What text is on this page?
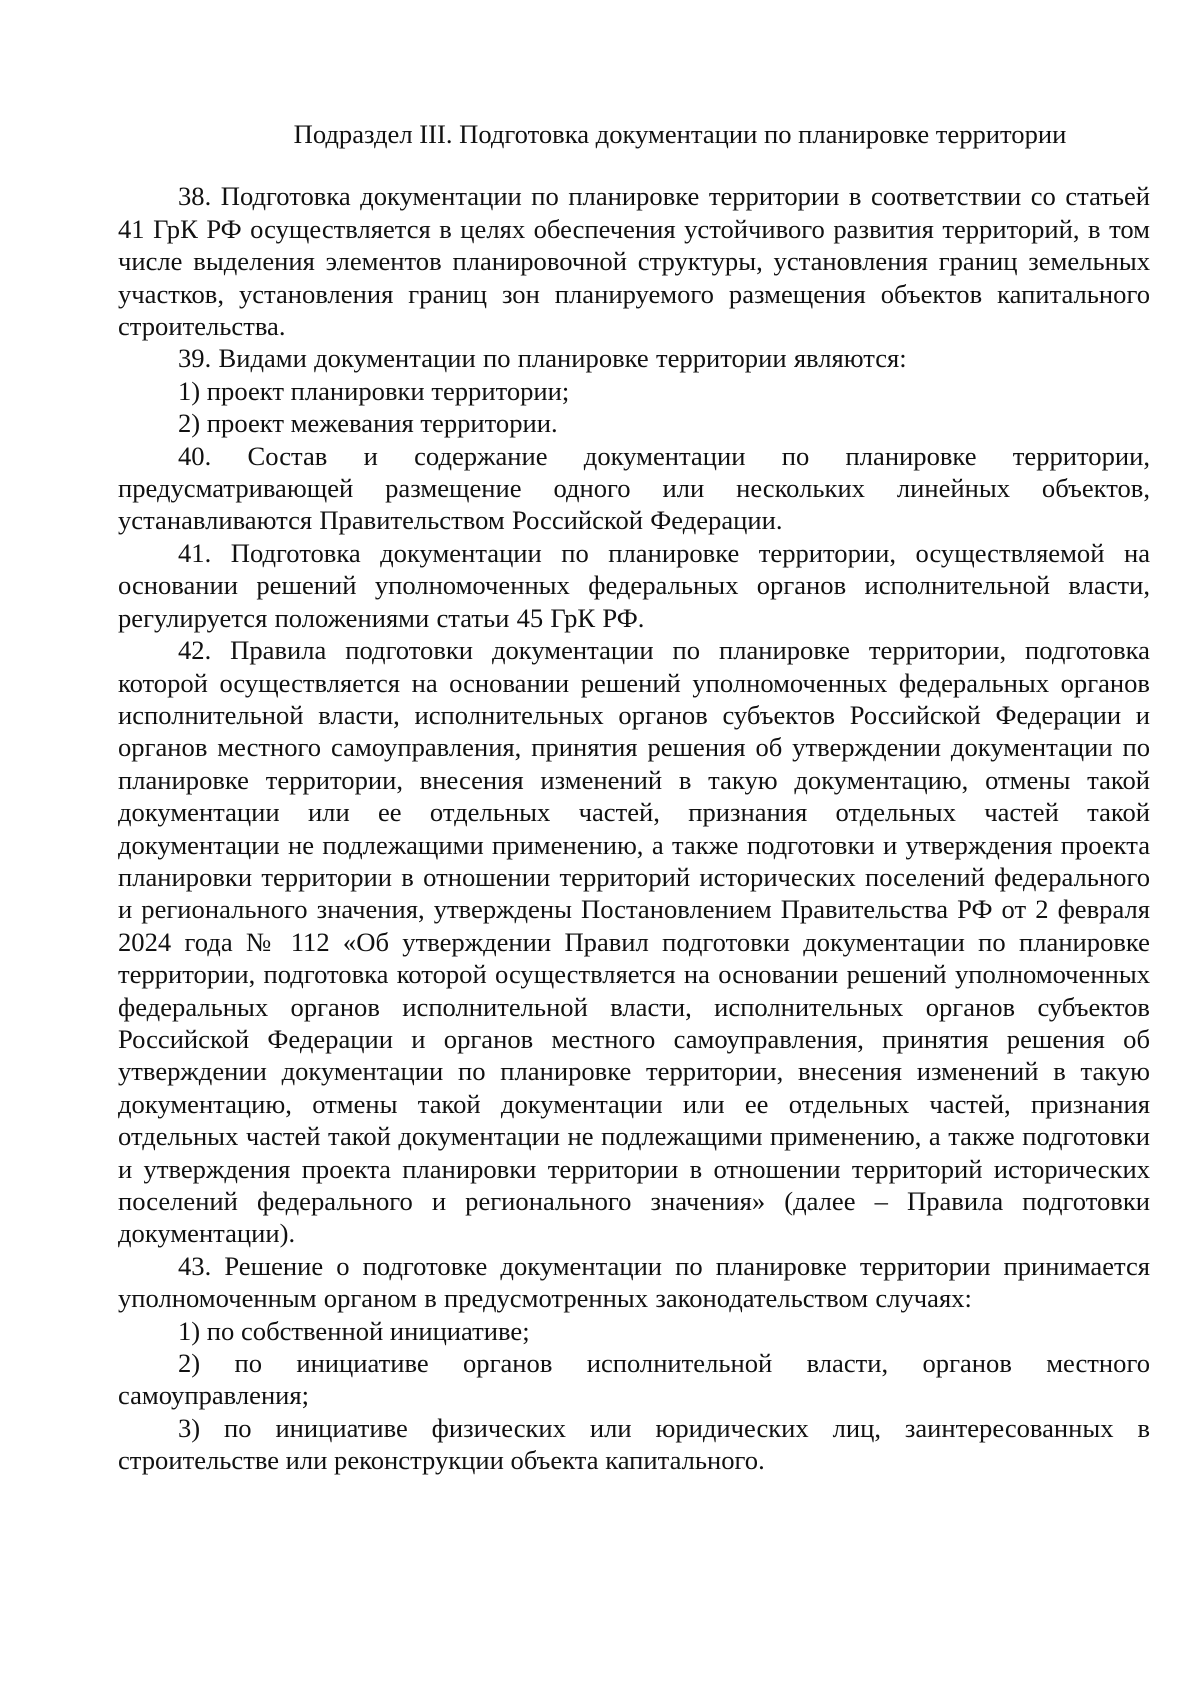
Подраздел III. Подготовка документации по планировке территории

38. Подготовка документации по планировке территории в соответствии со статьей 41 ГрК РФ осуществляется в целях обеспечения устойчивого развития территорий, в том числе выделения элементов планировочной структуры, установления границ земельных участков, установления границ зон планируемого размещения объектов капитального строительства.

39. Видами документации по планировке территории являются:

1) проект планировки территории;

2) проект межевания территории.

40. Состав и содержание документации по планировке территории, предусматривающей размещение одного или нескольких линейных объектов, устанавливаются Правительством Российской Федерации.

41. Подготовка документации по планировке территории, осуществляемой на основании решений уполномоченных федеральных органов исполнительной власти, регулируется положениями статьи 45 ГрК РФ.

42. Правила подготовки документации по планировке территории, подготовка которой осуществляется на основании решений уполномоченных федеральных органов исполнительной власти, исполнительных органов субъектов Российской Федерации и органов местного самоуправления, принятия решения об утверждении документации по планировке территории, внесения изменений в такую документацию, отмены такой документации или ее отдельных частей, признания отдельных частей такой документации не подлежащими применению, а также подготовки и утверждения проекта планировки территории в отношении территорий исторических поселений федерального и регионального значения, утверждены Постановлением Правительства РФ от 2 февраля 2024 года № 112 «Об утверждении Правил подготовки документации по планировке территории, подготовка которой осуществляется на основании решений уполномоченных федеральных органов исполнительной власти, исполнительных органов субъектов Российской Федерации и органов местного самоуправления, принятия решения об утверждении документации по планировке территории, внесения изменений в такую документацию, отмены такой документации или ее отдельных частей, признания отдельных частей такой документации не подлежащими применению, а также подготовки и утверждения проекта планировки территории в отношении территорий исторических поселений федерального и регионального значения» (далее – Правила подготовки документации).

43. Решение о подготовке документации по планировке территории принимается уполномоченным органом в предусмотренных законодательством случаях:

1) по собственной инициативе;

2) по инициативе органов исполнительной власти, органов местного самоуправления;

3) по инициативе физических или юридических лиц, заинтересованных в строительстве или реконструкции объекта капитального.
